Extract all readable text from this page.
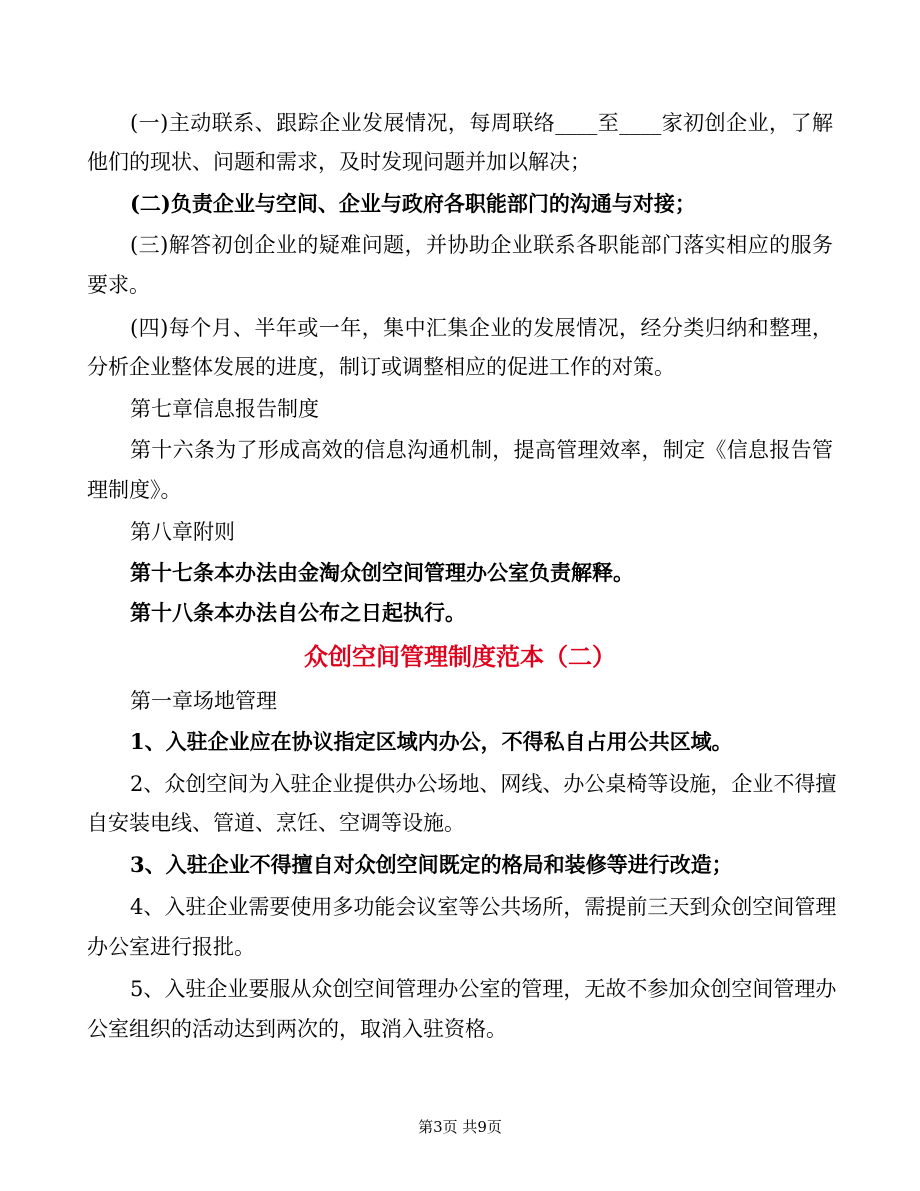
(一)主动联系、跟踪企业发展情况，每周联络____至____家初创企业，了解
他们的现状、问题和需求，及时发现问题并加以解决；
(二)负责企业与空间、企业与政府各职能部门的沟通与对接；
(三)解答初创企业的疑难问题，并协助企业联系各职能部门落实相应的服务
要求。
(四)每个月、半年或一年，集中汇集企业的发展情况，经分类归纳和整理，
分析企业整体发展的进度，制订或调整相应的促进工作的对策。
第七章信息报告制度
第十六条为了形成高效的信息沟通机制，提高管理效率，制定《信息报告管
理制度》。
第八章附则
第十七条本办法由金淘众创空间管理办公室负责解释。
第十八条本办法自公布之日起执行。
众创空间管理制度范本（二）
第一章场地管理
1、入驻企业应在协议指定区域内办公，不得私自占用公共区域。
2、众创空间为入驻企业提供办公场地、网线、办公桌椅等设施，企业不得擅
自安装电线、管道、烹饪、空调等设施。
3、入驻企业不得擅自对众创空间既定的格局和装修等进行改造；
4、入驻企业需要使用多功能会议室等公共场所，需提前三天到众创空间管理
办公室进行报批。
5、入驻企业要服从众创空间管理办公室的管理，无故不参加众创空间管理办
公室组织的活动达到两次的，取消入驻资格。
第3页 共9页
